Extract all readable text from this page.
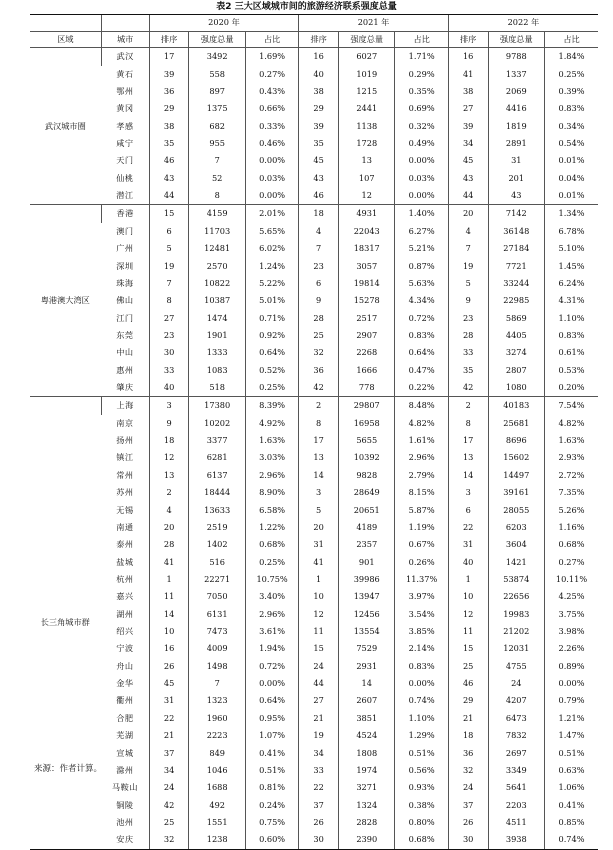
表2 三大区域城市间的旅游经济联系强度总量
		2020 年			2021 年			2022 年		
区域	城市	排序	强度总量	占比	排序	强度总量	占比	排序	强度总量	占比
武汉城市圈	武汉	17	3492	1.69%	16	6027	1.71%	16	9788	1.84%
	黄石	39	558	0.27%	40	1019	0.29%	41	1337	0.25%
	鄂州	36	897	0.43%	38	1215	0.35%	38	2069	0.39%
	黄冈	29	1375	0.66%	29	2441	0.69%	27	4416	0.83%
	孝感	38	682	0.33%	39	1138	0.32%	39	1819	0.34%
	咸宁	35	955	0.46%	35	1728	0.49%	34	2891	0.54%
	天门	46	7	0.00%	45	13	0.00%	45	31	0.01%
	仙桃	43	52	0.03%	43	107	0.03%	43	201	0.04%
	潜江	44	8	0.00%	46	12	0.00%	44	43	0.01%
粤港澳大湾区	香港	15	4159	2.01%	18	4931	1.40%	20	7142	1.34%
	澳门	6	11703	5.65%	4	22043	6.27%	4	36148	6.78%
	广州	5	12481	6.02%	7	18317	5.21%	7	27184	5.10%
	深圳	19	2570	1.24%	23	3057	0.87%	19	7721	1.45%
	珠海	7	10822	5.22%	6	19814	5.63%	5	33244	6.24%
	佛山	8	10387	5.01%	9	15278	4.34%	9	22985	4.31%
	江门	27	1474	0.71%	28	2517	0.72%	23	5869	1.10%
	东莞	23	1901	0.92%	25	2907	0.83%	28	4405	0.83%
	中山	30	1333	0.64%	32	2268	0.64%	33	3274	0.61%
	惠州	33	1083	0.52%	36	1666	0.47%	35	2807	0.53%
	肇庆	40	518	0.25%	42	778	0.22%	42	1080	0.20%
长三角城市群	上海	3	17380	8.39%	2	29807	8.48%	2	40183	7.54%
	南京	9	10202	4.92%	8	16958	4.82%	8	25681	4.82%
	扬州	18	3377	1.63%	17	5655	1.61%	17	8696	1.63%
	镇江	12	6281	3.03%	13	10392	2.96%	13	15602	2.93%
	常州	13	6137	2.96%	14	9828	2.79%	14	14497	2.72%
	苏州	2	18444	8.90%	3	28649	8.15%	3	39161	7.35%
	无锡	4	13633	6.58%	5	20651	5.87%	6	28055	5.26%
	南通	20	2519	1.22%	20	4189	1.19%	22	6203	1.16%
	泰州	28	1402	0.68%	31	2357	0.67%	31	3604	0.68%
	盐城	41	516	0.25%	41	901	0.26%	40	1421	0.27%
	杭州	1	22271	10.75%	1	39986	11.37%	1	53874	10.11%
	嘉兴	11	7050	3.40%	10	13947	3.97%	10	22656	4.25%
	湖州	14	6131	2.96%	12	12456	3.54%	12	19983	3.75%
	绍兴	10	7473	3.61%	11	13554	3.85%	11	21202	3.98%
	宁波	16	4009	1.94%	15	7529	2.14%	15	12031	2.26%
	舟山	26	1498	0.72%	24	2931	0.83%	25	4755	0.89%
	金华	45	7	0.00%	44	14	0.00%	46	24	0.00%
	衢州	31	1323	0.64%	27	2607	0.74%	29	4207	0.79%
	合肥	22	1960	0.95%	21	3851	1.10%	21	6473	1.21%
	芜湖	21	2223	1.07%	19	4524	1.29%	18	7832	1.47%
	宣城	37	849	0.41%	34	1808	0.51%	36	2697	0.51%
	滁州	34	1046	0.51%	33	1974	0.56%	32	3349	0.63%
	马鞍山	24	1688	0.81%	22	3271	0.93%	24	5641	1.06%
	铜陵	42	492	0.24%	37	1324	0.38%	37	2203	0.41%
	池州	25	1551	0.75%	26	2828	0.80%	26	4511	0.85%
	安庆	32	1238	0.60%	30	2390	0.68%	30	3938	0.74%
来源：作者计算。
